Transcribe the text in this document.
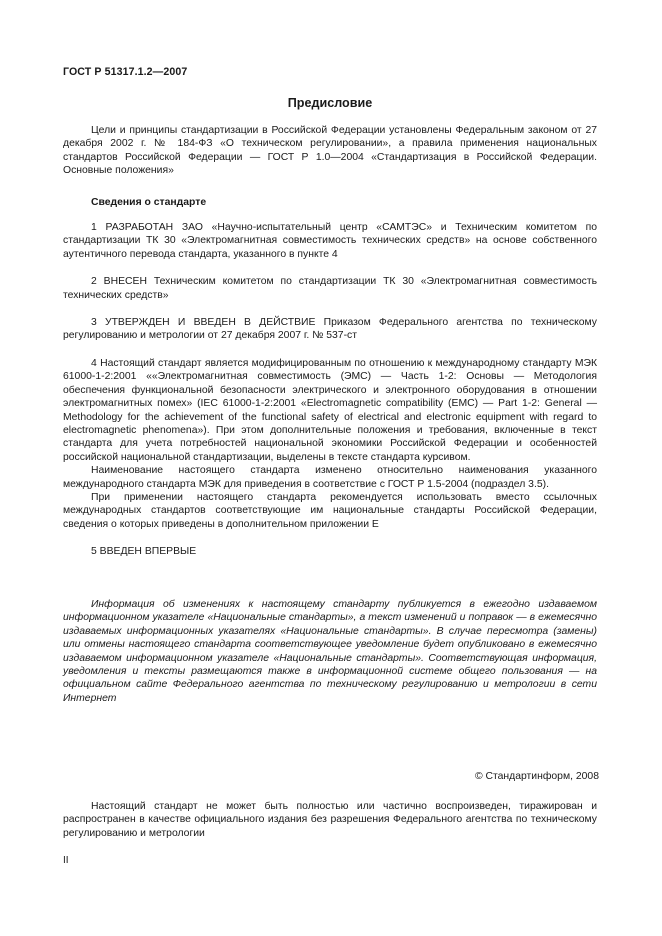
ГОСТ Р 51317.1.2—2007
Предисловие

Цели и принципы стандартизации в Российской Федерации установлены Федеральным законом от 27 декабря 2002 г. № 184-ФЗ «О техническом регулировании», а правила применения национальных стандартов Российской Федерации — ГОСТ Р 1.0—2004 «Стандартизация в Российской Федерации. Основные положения»

Сведения о стандарте

1 РАЗРАБОТАН ЗАО «Научно-испытательный центр «САМТЭС» и Техническим комитетом по стандартизации ТК 30 «Электромагнитная совместимость технических средств» на основе собственного аутентичного перевода стандарта, указанного в пункте 4

2 ВНЕСЕН Техническим комитетом по стандартизации ТК 30 «Электромагнитная совместимость технических средств»

3 УТВЕРЖДЕН И ВВЕДЕН В ДЕЙСТВИЕ Приказом Федерального агентства по техническому регулированию и метрологии от 27 декабря 2007 г. № 537-ст

4 Настоящий стандарт является модифицированным по отношению к международному стандарту МЭК 61000-1-2:2001 ««Электромагнитная совместимость (ЭМС) — Часть 1-2: Основы — Методология обеспечения функциональной безопасности электрического и электронного оборудования в отношении электромагнитных помех» (IEC 61000-1-2:2001 «Electromagnetic compatibility (EMC) — Part 1-2: General — Methodology for the achievement of the functional safety of electrical and electronic equipment with regard to electromagnetic phenomena»). При этом дополнительные положения и требования, включенные в текст стандарта для учета потребностей национальной экономики Российской Федерации и особенностей российской национальной стандартизации, выделены в тексте стандарта курсивом.

Наименование настоящего стандарта изменено относительно наименования указанного международного стандарта МЭК для приведения в соответствие с ГОСТ Р 1.5-2004 (подраздел 3.5).

При применении настоящего стандарта рекомендуется использовать вместо ссылочных международных стандартов соответствующие им национальные стандарты Российской Федерации, сведения о которых приведены в дополнительном приложении Е

5 ВВЕДЕН ВПЕРВЫЕ

Информация об изменениях к настоящему стандарту публикуется в ежегодно издаваемом информационном указателе «Национальные стандарты», а текст изменений и поправок — в ежемесячно издаваемых информационных указателях «Национальные стандарты». В случае пересмотра (замены) или отмены настоящего стандарта соответствующее уведомление будет опубликовано в ежемесячно издаваемом информационном указателе «Национальные стандарты». Соответствующая информация, уведомления и тексты размещаются также в информационной системе общего пользования — на официальном сайте Федерального агентства по техническому регулированию и метрологии в сети Интернет

© Стандартинформ, 2008

Настоящий стандарт не может быть полностью или частично воспроизведен, тиражирован и распространен в качестве официального издания без разрешения Федерального агентства по техническому регулированию и метрологии

II
